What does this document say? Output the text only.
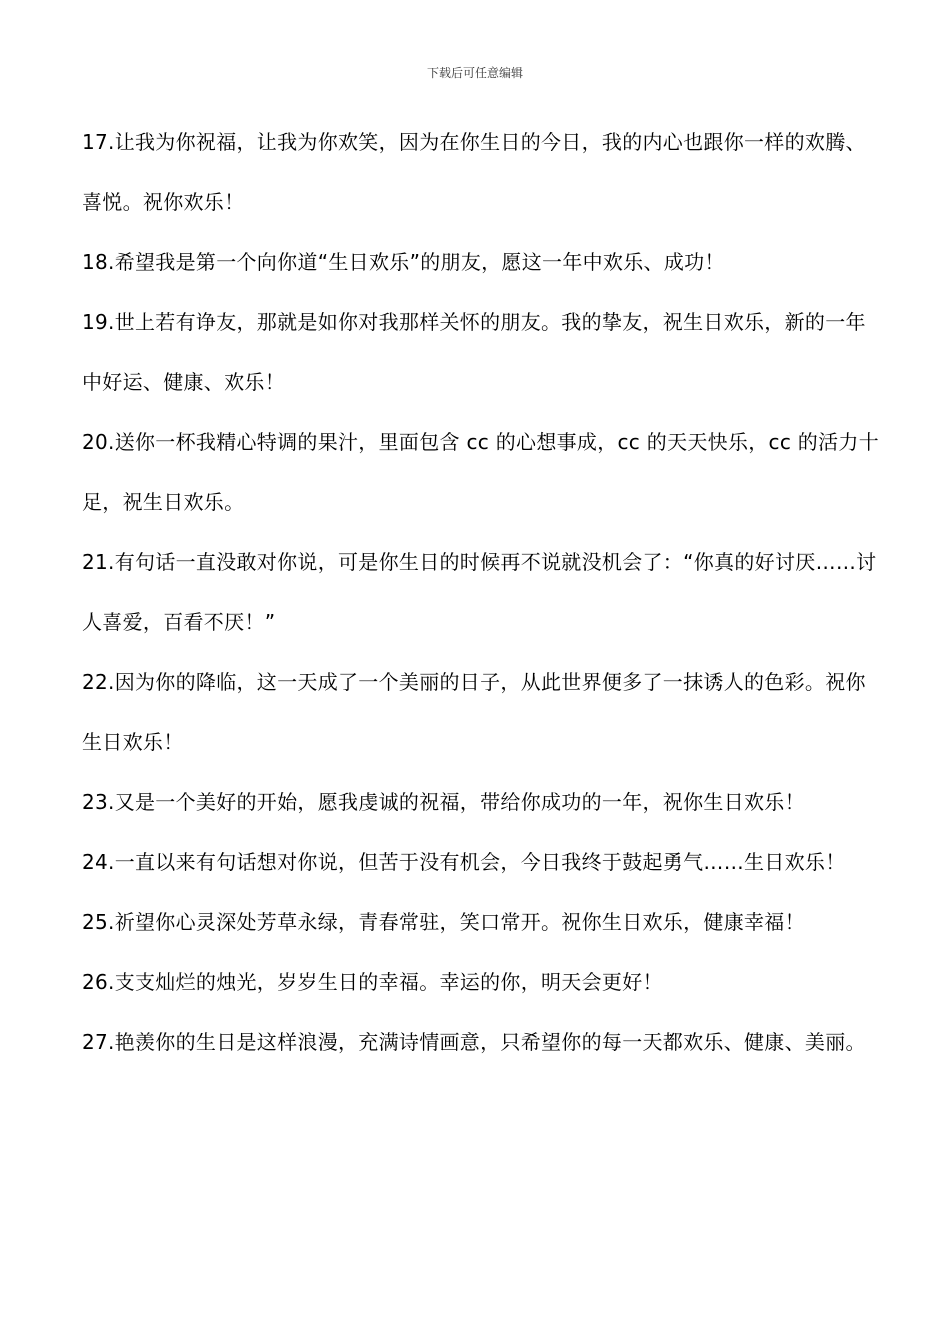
下载后可任意编辑

17.让我为你祝福，让我为你欢笑，因为在你生日的今日，我的内心也跟你一样的欢腾、喜悦。祝你欢乐！

18.希望我是第一个向你道“生日欢乐”的朋友，愿这一年中欢乐、成功！

19.世上若有诤友，那就是如你对我那样关怀的朋友。我的挚友，祝生日欢乐，新的一年中好运、健康、欢乐！

20.送你一杯我精心特调的果汁，里面包含 cc 的心想事成，cc 的天天快乐，cc 的活力十足，祝生日欢乐。

21.有句话一直没敢对你说，可是你生日的时候再不说就没机会了：“你真的好讨厌……讨人喜爱，百看不厌！”

22.因为你的降临，这一天成了一个美丽的日子，从此世界便多了一抹诱人的色彩。祝你生日欢乐！

23.又是一个美好的开始，愿我虔诚的祝福，带给你成功的一年，祝你生日欢乐！

24.一直以来有句话想对你说，但苦于没有机会，今日我终于鼓起勇气……生日欢乐！

25.祈望你心灵深处芳草永绿，青春常驻，笑口常开。祝你生日欢乐，健康幸福！

26.支支灿烂的烛光，岁岁生日的幸福。幸运的你，明天会更好！

27.艳羡你的生日是这样浪漫，充满诗情画意，只希望你的每一天都欢乐、健康、美丽。
